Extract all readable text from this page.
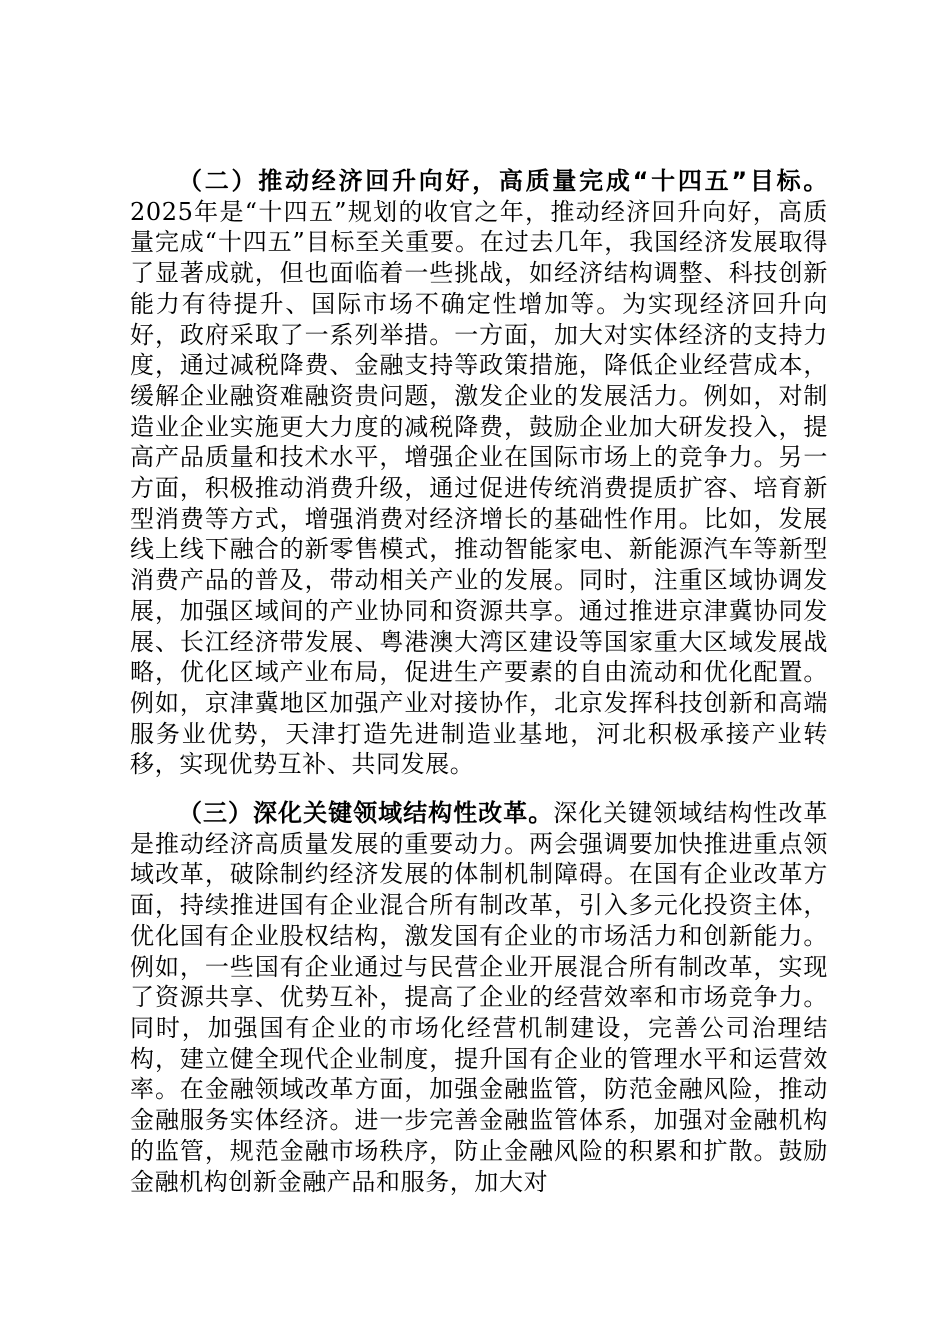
（二）推动经济回升向好，高质量完成“十四五”目标。2025年是“十四五”规划的收官之年，推动经济回升向好，高质量完成“十四五”目标至关重要。在过去几年，我国经济发展取得了显著成就，但也面临着一些挑战，如经济结构调整、科技创新能力有待提升、国际市场不确定性增加等。为实现经济回升向好，政府采取了一系列举措。一方面，加大对实体经济的支持力度，通过减税降费、金融支持等政策措施，降低企业经营成本，缓解企业融资难融资贵问题，激发企业的发展活力。例如，对制造业企业实施更大力度的减税降费，鼓励企业加大研发投入，提高产品质量和技术水平，增强企业在国际市场上的竞争力。另一方面，积极推动消费升级，通过促进传统消费提质扩容、培育新型消费等方式，增强消费对经济增长的基础性作用。比如，发展线上线下融合的新零售模式，推动智能家电、新能源汽车等新型消费产品的普及，带动相关产业的发展。同时，注重区域协调发展，加强区域间的产业协同和资源共享。通过推进京津冀协同发展、长江经济带发展、粤港澳大湾区建设等国家重大区域发展战略，优化区域产业布局，促进生产要素的自由流动和优化配置。例如，京津冀地区加强产业对接协作，北京发挥科技创新和高端服务业优势，天津打造先进制造业基地，河北积极承接产业转移，实现优势互补、共同发展。

（三）深化关键领域结构性改革。深化关键领域结构性改革是推动经济高质量发展的重要动力。两会强调要加快推进重点领域改革，破除制约经济发展的体制机制障碍。在国有企业改革方面，持续推进国有企业混合所有制改革，引入多元化投资主体，优化国有企业股权结构，激发国有企业的市场活力和创新能力。例如，一些国有企业通过与民营企业开展混合所有制改革，实现了资源共享、优势互补，提高了企业的经营效率和市场竞争力。同时，加强国有企业的市场化经营机制建设，完善公司治理结构，建立健全现代企业制度，提升国有企业的管理水平和运营效率。在金融领域改革方面，加强金融监管，防范金融风险，推动金融服务实体经济。进一步完善金融监管体系，加强对金融机构的监管，规范金融市场秩序，防止金融风险的积累和扩散。鼓励金融机构创新金融产品和服务，加大对
